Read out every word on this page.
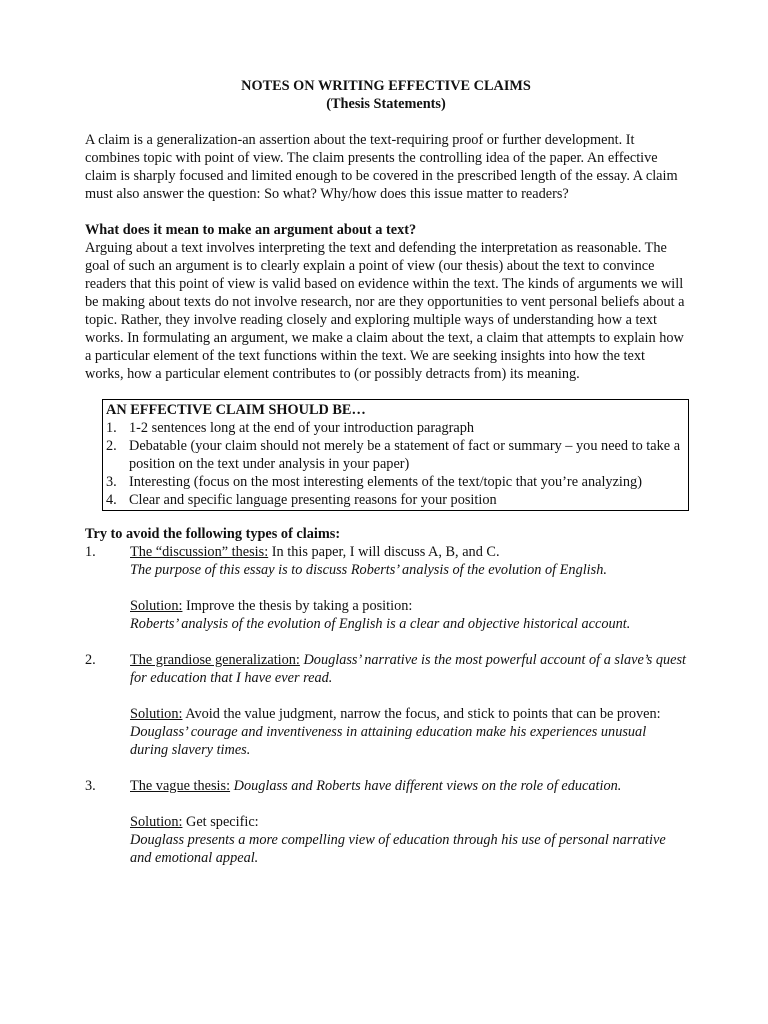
NOTES ON WRITING EFFECTIVE CLAIMS

(Thesis Statements)

A claim is a generalization-an assertion about the text-requiring proof or further development. It combines topic with point of view. The claim presents the controlling idea of the paper. An effective claim is sharply focused and limited enough to be covered in the prescribed length of the essay. A claim must also answer the question: So what? Why/how does this issue matter to readers?

What does it mean to make an argument about a text?

Arguing about a text involves interpreting the text and defending the interpretation as reasonable. The goal of such an argument is to clearly explain a point of view (our thesis) about the text to convince readers that this point of view is valid based on evidence within the text. The kinds of arguments we will be making about texts do not involve research, nor are they opportunities to vent personal beliefs about a topic. Rather, they involve reading closely and exploring multiple ways of understanding how a text works. In formulating an argument, we make a claim about the text, a claim that attempts to explain how a particular element of the text functions within the text. We are seeking insights into how the text works, how a particular element contributes to (or possibly detracts from) its meaning.

AN EFFECTIVE CLAIM SHOULD BE…
1. 1-2 sentences long at the end of your introduction paragraph
2. Debatable (your claim should not merely be a statement of fact or summary – you need to take a position on the text under analysis in your paper)
3. Interesting (focus on the most interesting elements of the text/topic that you’re analyzing)
4. Clear and specific language presenting reasons for your position

Try to avoid the following types of claims:

1.	The “discussion” thesis: In this paper, I will discuss A, B, and C.
The purpose of this essay is to discuss Roberts’ analysis of the evolution of English.
Solution: Improve the thesis by taking a position:
Roberts’ analysis of the evolution of English is a clear and objective historical account.
2.	The grandiose generalization: Douglass’ narrative is the most powerful account of a slave’s quest for education that I have ever read.
Solution: Avoid the value judgment, narrow the focus, and stick to points that can be proven:
Douglass’ courage and inventiveness in attaining education make his experiences unusual during slavery times.
3.	The vague thesis: Douglass and Roberts have different views on the role of education.
Solution: Get specific:
Douglass presents a more compelling view of education through his use of personal narrative and emotional appeal.
